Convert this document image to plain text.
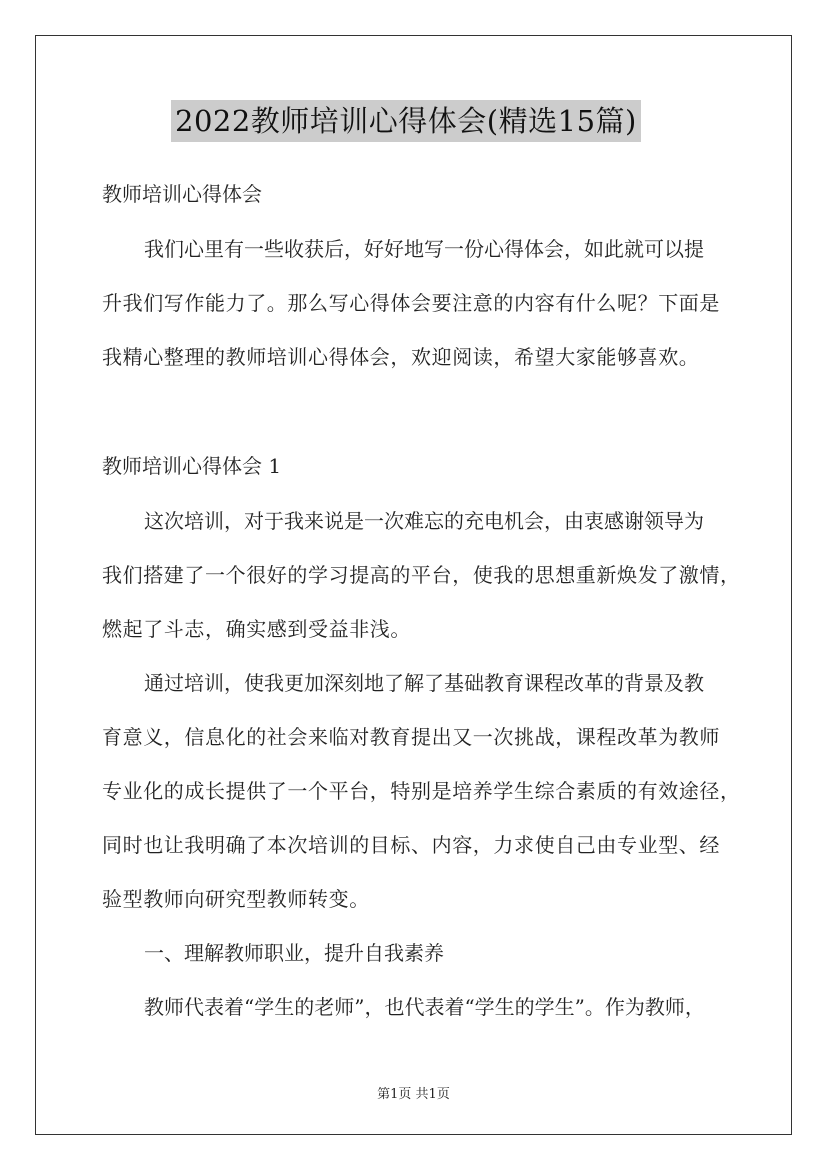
2022教师培训心得体会(精选15篇)
教师培训心得体会
我们心里有一些收获后，好好地写一份心得体会，如此就可以提
升我们写作能力了。那么写心得体会要注意的内容有什么呢？下面是
我精心整理的教师培训心得体会，欢迎阅读，希望大家能够喜欢。
教师培训心得体会 1
这次培训，对于我来说是一次难忘的充电机会，由衷感谢领导为
我们搭建了一个很好的学习提高的平台，使我的思想重新焕发了激情，
燃起了斗志，确实感到受益非浅。
通过培训，使我更加深刻地了解了基础教育课程改革的背景及教
育意义，信息化的社会来临对教育提出又一次挑战，课程改革为教师
专业化的成长提供了一个平台，特别是培养学生综合素质的有效途径，
同时也让我明确了本次培训的目标、内容，力求使自己由专业型、经
验型教师向研究型教师转变。
一、理解教师职业，提升自我素养
教师代表着“学生的老师”，也代表着“学生的学生”。作为教师，
第1页 共1页
